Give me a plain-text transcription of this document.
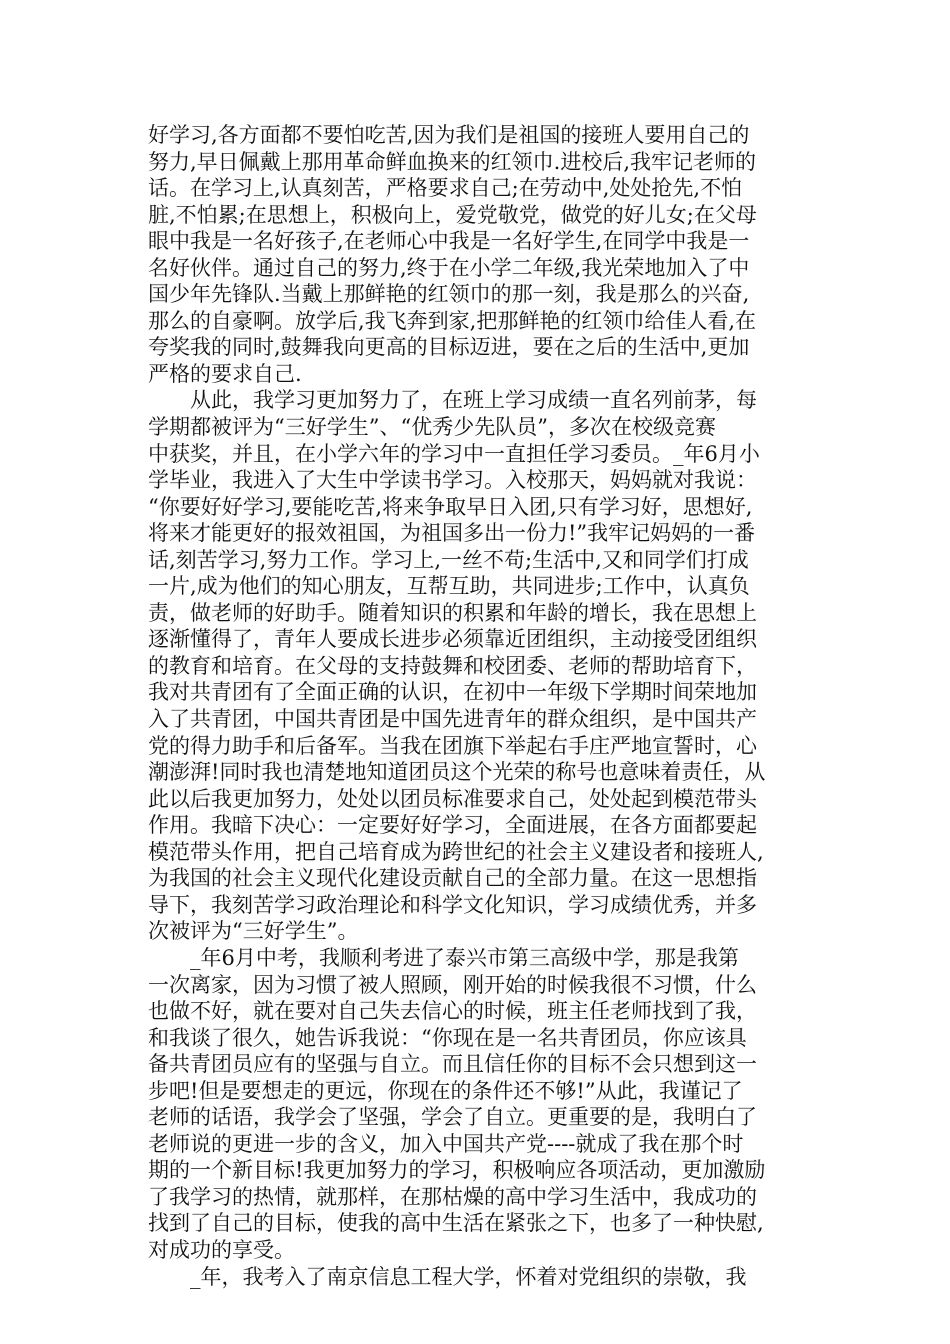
好学习,各方面都不要怕吃苦,因为我们是祖国的接班人要用自己的
努力,早日佩戴上那用革命鲜血换来的红领巾.进校后,我牢记老师的
话。在学习上,认真刻苦，严格要求自己;在劳动中,处处抢先,不怕
脏,不怕累;在思想上，积极向上，爱党敬党，做党的好儿女;在父母
眼中我是一名好孩子,在老师心中我是一名好学生,在同学中我是一
名好伙伴。通过自己的努力,终于在小学二年级,我光荣地加入了中
国少年先锋队.当戴上那鲜艳的红领巾的那一刻，我是那么的兴奋,
那么的自豪啊。放学后,我飞奔到家,把那鲜艳的红领巾给佳人看,在
夸奖我的同时,鼓舞我向更高的目标迈进，要在之后的生活中,更加
严格的要求自己.
　　从此，我学习更加努力了，在班上学习成绩一直名列前茅，每
学期都被评为“三好学生”、“优秀少先队员”，多次在校级竞赛
中获奖，并且，在小学六年的学习中一直担任学习委员。_年6月小
学毕业，我进入了大生中学读书学习。入校那天，妈妈就对我说：
“你要好好学习,要能吃苦,将来争取早日入团,只有学习好，思想好,
将来才能更好的报效祖国，为祖国多出一份力!”我牢记妈妈的一番
话,刻苦学习,努力工作。学习上,一丝不苟;生活中,又和同学们打成
一片,成为他们的知心朋友，互帮互助，共同进步;工作中，认真负
责，做老师的好助手。随着知识的积累和年龄的增长，我在思想上
逐渐懂得了，青年人要成长进步必须靠近团组织，主动接受团组织
的教育和培育。在父母的支持鼓舞和校团委、老师的帮助培育下，
我对共青团有了全面正确的认识，在初中一年级下学期时间荣地加
入了共青团，中国共青团是中国先进青年的群众组织，是中国共产
党的得力助手和后备军。当我在团旗下举起右手庄严地宣誓时，心
潮澎湃!同时我也清楚地知道团员这个光荣的称号也意味着责任，从
此以后我更加努力，处处以团员标准要求自己，处处起到模范带头
作用。我暗下决心：一定要好好学习，全面进展，在各方面都要起
模范带头作用，把自己培育成为跨世纪的社会主义建设者和接班人,
为我国的社会主义现代化建设贡献自己的全部力量。在这一思想指
导下，我刻苦学习政治理论和科学文化知识，学习成绩优秀，并多
次被评为“三好学生”。
　　_年6月中考，我顺利考进了泰兴市第三高级中学，那是我第
一次离家，因为习惯了被人照顾，刚开始的时候我很不习惯，什么
也做不好，就在要对自己失去信心的时候，班主任老师找到了我，
和我谈了很久，她告诉我说：“你现在是一名共青团员，你应该具
备共青团员应有的坚强与自立。而且信任你的目标不会只想到这一
步吧!但是要想走的更远，你现在的条件还不够!”从此，我谨记了
老师的话语，我学会了坚强，学会了自立。更重要的是，我明白了
老师说的更进一步的含义，加入中国共产党----就成了我在那个时
期的一个新目标!我更加努力的学习，积极响应各项活动，更加激励
了我学习的热情，就那样，在那枯燥的高中学习生活中，我成功的
找到了自己的目标，使我的高中生活在紧张之下，也多了一种快慰,
对成功的享受。
　　_年，我考入了南京信息工程大学，怀着对党组织的崇敬，我
